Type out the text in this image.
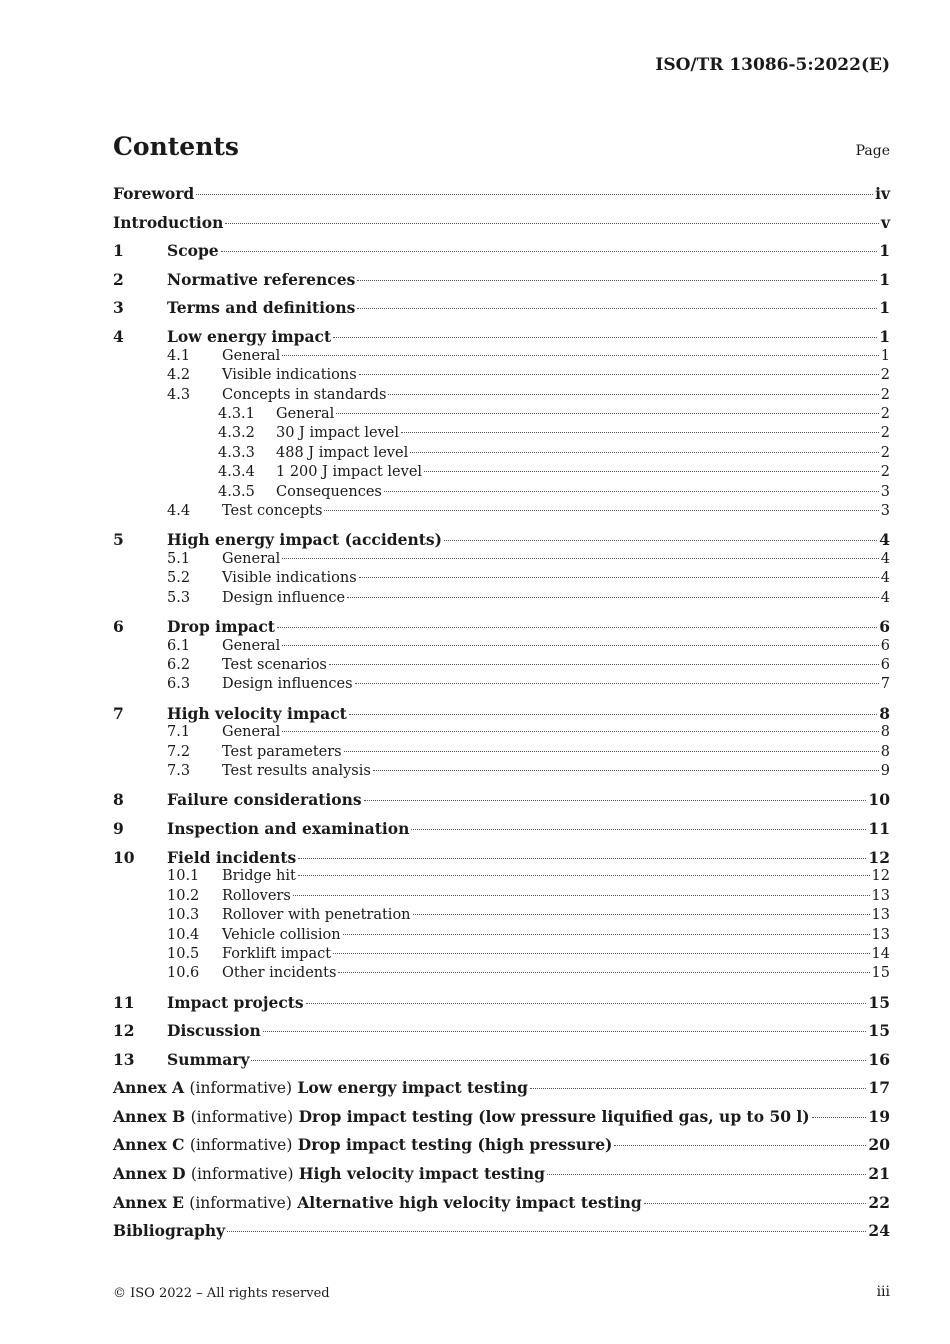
ISO/TR 13086-5:2022(E)
Contents	Page
Foreword	iv
Introduction	v
1	Scope	1
2	Normative references	1
3	Terms and definitions	1
4	Low energy impact	1
4.1	General	1
4.2	Visible indications	2
4.3	Concepts in standards	2
4.3.1	General	2
4.3.2	30 J impact level	2
4.3.3	488 J impact level	2
4.3.4	1 200 J impact level	2
4.3.5	Consequences	3
4.4	Test concepts	3
5	High energy impact (accidents)	4
5.1	General	4
5.2	Visible indications	4
5.3	Design influence	4
6	Drop impact	6
6.1	General	6
6.2	Test scenarios	6
6.3	Design influences	7
7	High velocity impact	8
7.1	General	8
7.2	Test parameters	8
7.3	Test results analysis	9
8	Failure considerations	10
9	Inspection and examination	11
10	Field incidents	12
10.1	Bridge hit	12
10.2	Rollovers	13
10.3	Rollover with penetration	13
10.4	Vehicle collision	13
10.5	Forklift impact	14
10.6	Other incidents	15
11	Impact projects	15
12	Discussion	15
13	Summary	16
Annex A (informative) Low energy impact testing	17
Annex B (informative) Drop impact testing (low pressure liquified gas, up to 50 l)	19
Annex C (informative) Drop impact testing (high pressure)	20
Annex D (informative) High velocity impact testing	21
Annex E (informative) Alternative high velocity impact testing	22
Bibliography	24
© ISO 2022 – All rights reserved	iii
